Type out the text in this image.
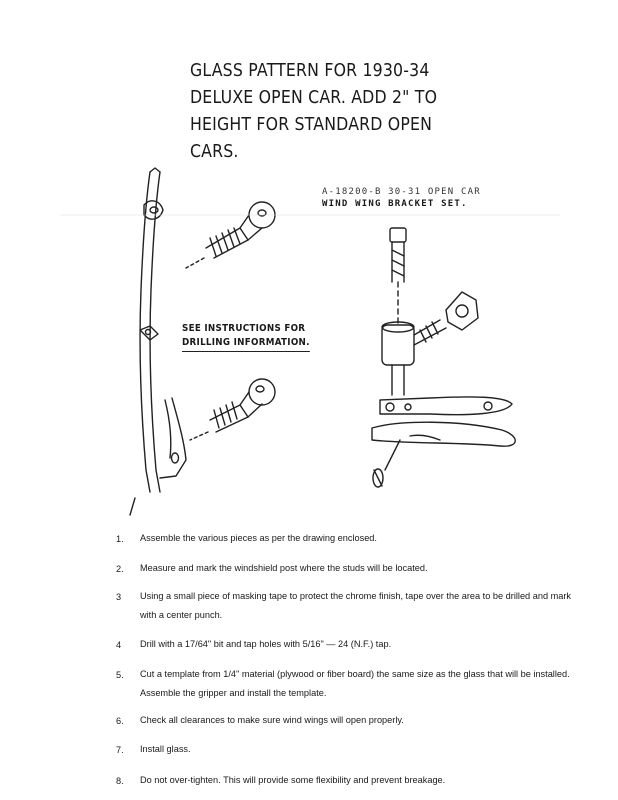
GLASS PATTERN FOR 1930-34
DELUXE OPEN CAR. ADD 2" TO
HEIGHT FOR STANDARD OPEN
CARS.
A-18200-B 30-31 OPEN CAR
WIND WING BRACKET SET.
SEE INSTRUCTIONS FOR
DRILLING INFORMATION.
1.	Assemble the various pieces as per the drawing enclosed.
2.	Measure and mark the windshield post where the studs will be located.
3	Using a small piece of masking tape to protect the chrome finish, tape over the area to be drilled and mark with a center punch.
4	Drill with a 17/64" bit and tap holes with 5/16" — 24 (N.F.) tap.
5.	Cut a template from 1/4" material (plywood or fiber board) the same size as the glass that will be installed. Assemble the gripper and install the template.
6.	Check all clearances to make sure wind wings will open properly.
7.	Install glass.
8.	Do not over-tighten. This will provide some flexibility and prevent breakage.
